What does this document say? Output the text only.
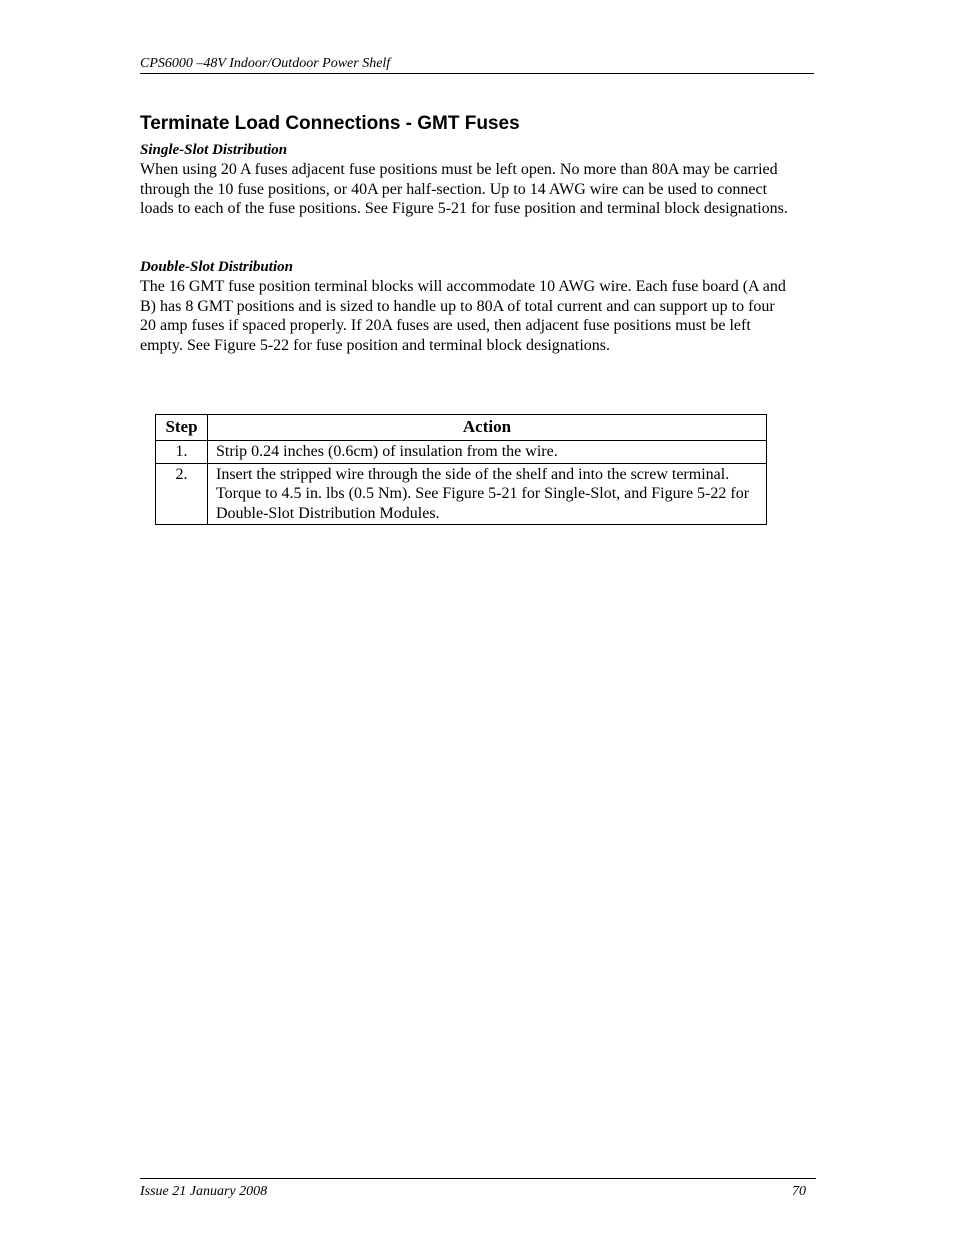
CPS6000 –48V Indoor/Outdoor Power Shelf
Terminate Load Connections - GMT Fuses

Single-Slot Distribution

When using 20 A fuses adjacent fuse positions must be left open. No more than 80A may be carried through the 10 fuse positions, or 40A per half-section. Up to 14 AWG wire can be used to connect loads to each of the fuse positions. See Figure 5-21 for fuse position and terminal block designations.

Double-Slot Distribution

The 16 GMT fuse position terminal blocks will accommodate 10 AWG wire. Each fuse board (A and B) has 8 GMT positions and is sized to handle up to 80A of total current and can support up to four 20 amp fuses if spaced properly. If 20A fuses are used, then adjacent fuse positions must be left empty. See Figure 5-22 for fuse position and terminal block designations.

Step	Action
1.	Strip 0.24 inches (0.6cm) of insulation from the wire.
2.	Insert the stripped wire through the side of the shelf and into the screw terminal. Torque to 4.5 in. lbs (0.5 Nm). See Figure 5-21 for Single-Slot, and Figure 5-22 for Double-Slot Distribution Modules.
Issue 21 January 2008	70
